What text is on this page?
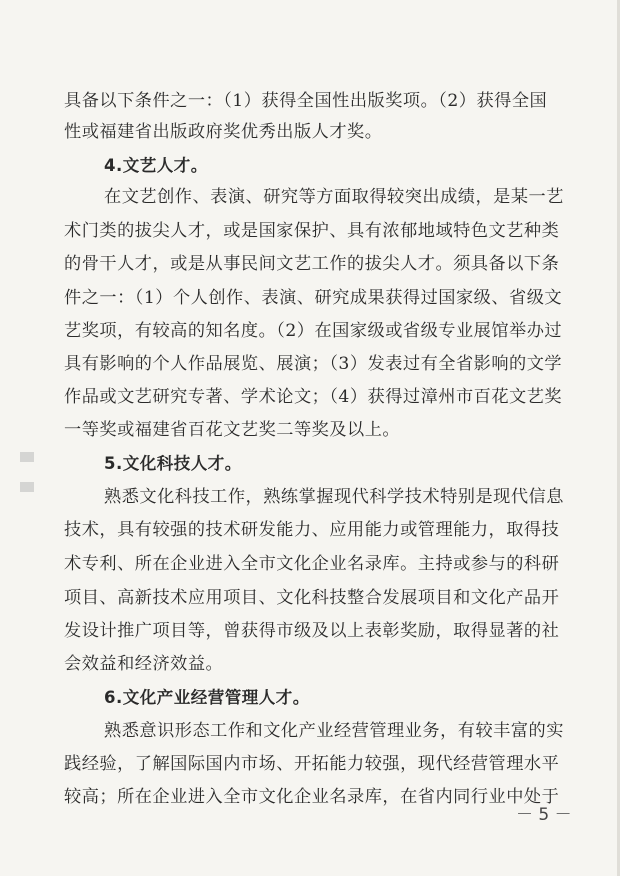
具备以下条件之一：（1）获得全国性出版奖项。（2）获得全国
性或福建省出版政府奖优秀出版人才奖。
4.文艺人才。
在文艺创作、表演、研究等方面取得较突出成绩，是某一艺
术门类的拔尖人才，或是国家保护、具有浓郁地域特色文艺种类
的骨干人才，或是从事民间文艺工作的拔尖人才。须具备以下条
件之一：（1）个人创作、表演、研究成果获得过国家级、省级文
艺奖项，有较高的知名度。（2）在国家级或省级专业展馆举办过
具有影响的个人作品展览、展演；（3）发表过有全省影响的文学
作品或文艺研究专著、学术论文；（4）获得过漳州市百花文艺奖
一等奖或福建省百花文艺奖二等奖及以上。
5.文化科技人才。
熟悉文化科技工作，熟练掌握现代科学技术特别是现代信息
技术，具有较强的技术研发能力、应用能力或管理能力，取得技
术专利、所在企业进入全市文化企业名录库。主持或参与的科研
项目、高新技术应用项目、文化科技整合发展项目和文化产品开
发设计推广项目等，曾获得市级及以上表彰奖励，取得显著的社
会效益和经济效益。
6.文化产业经营管理人才。
熟悉意识形态工作和文化产业经营管理业务，有较丰富的实
践经验，了解国际国内市场、开拓能力较强，现代经营管理水平
较高；所在企业进入全市文化企业名录库，在省内同行业中处于
－ 5 －
